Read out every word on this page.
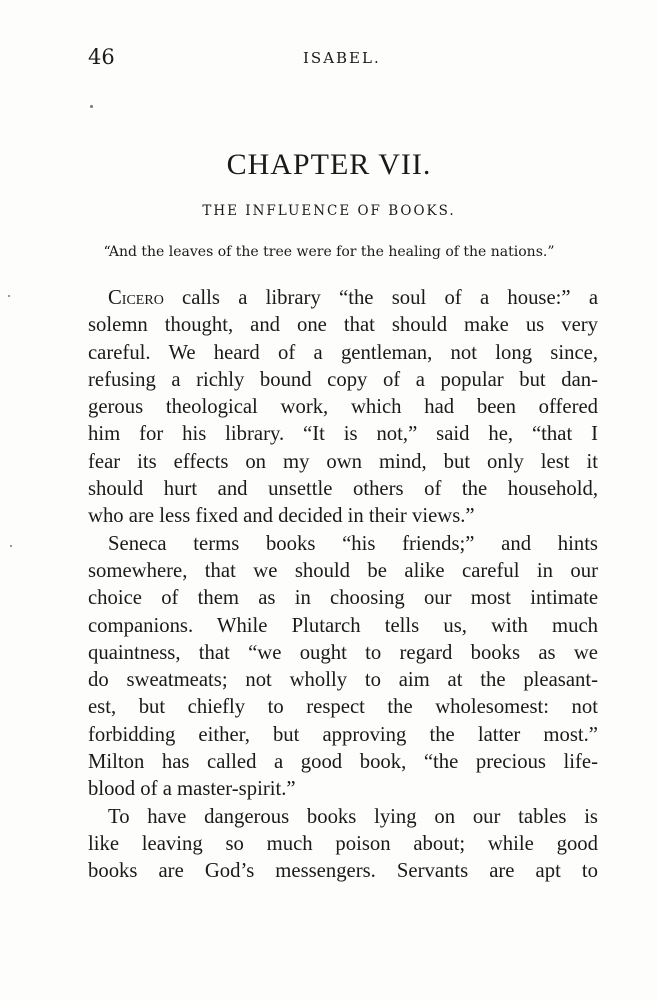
46	ISABEL.
CHAPTER VII.
THE INFLUENCE OF BOOKS.
“And the leaves of the tree were for the healing of the nations.”
Cicero calls a library “the soul of a house:” a
solemn thought, and one that should make us very
careful. We heard of a gentleman, not long since,
refusing a richly bound copy of a popular but dan-
gerous theological work, which had been offered
him for his library. “It is not,” said he, “that I
fear its effects on my own mind, but only lest it
should hurt and unsettle others of the household,
who are less fixed and decided in their views.”
Seneca terms books “his friends;” and hints
somewhere, that we should be alike careful in our
choice of them as in choosing our most intimate
companions. While Plutarch tells us, with much
quaintness, that “we ought to regard books as we
do sweatmeats; not wholly to aim at the pleasant-
est, but chiefly to respect the wholesomest: not
forbidding either, but approving the latter most.”
Milton has called a good book, “the precious life-
blood of a master-spirit.”
To have dangerous books lying on our tables is
like leaving so much poison about; while good
books are God’s messengers. Servants are apt to
